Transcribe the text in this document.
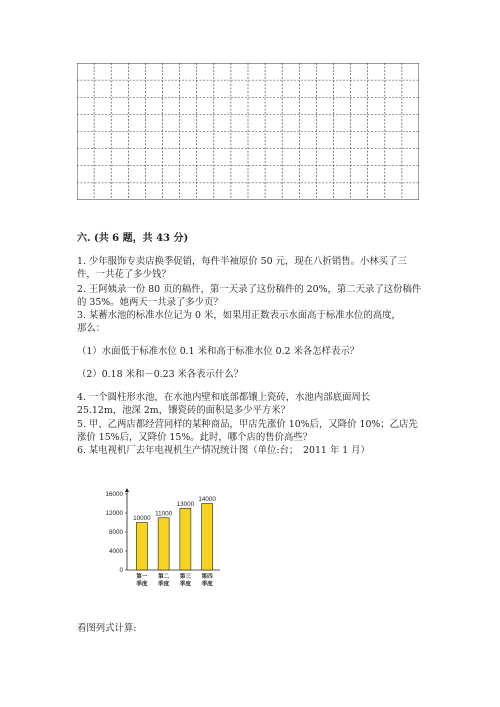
六. (共 6 题，共 43 分)
1. 少年服饰专卖店换季促销，每件半袖原价 50 元，现在八折销售。小林买了三
件，一共花了多少钱？
2. 王阿姨录一份 80 页的稿件，第一天录了这份稿件的 20%，第二天录了这份稿件
的 35%。她两天一共录了多少页？
3. 某蓄水池的标准水位记为 0 米，如果用正数表示水面高于标准水位的高度，
那么：
（1）水面低于标准水位 0.1 米和高于标准水位 0.2 米各怎样表示？
（2）0.18 米和－0.23 米各表示什么？
4. 一个圆柱形水池，在水池内壁和底部都镶上瓷砖，水池内部底面周长
25.12m，池深 2m，镶瓷砖的面积是多少平方米？
5. 甲、乙两店都经营同样的某种商品，甲店先涨价 10%后，又降价 10%；乙店先
涨价 15%后，又降价 15%。此时，哪个店的售价高些？
6. 某电视机厂去年电视机生产情况统计图（单位:台；　2011 年 1 月）
0
4000
8000
12000
16000
10000
第一季度
11000
第二季度
13000
第三季度
14000
第四季度
看图列式计算:
